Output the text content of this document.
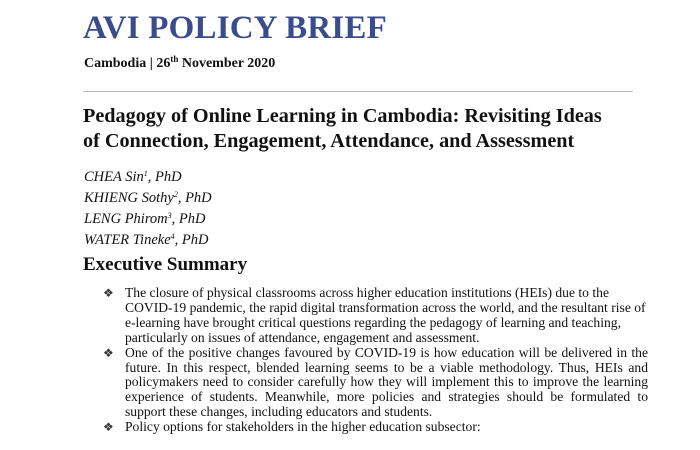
AVI POLICY BRIEF

Cambodia | 26th November 2020

Pedagogy of Online Learning in Cambodia: Revisiting Ideas
of Connection, Engagement, Attendance, and Assessment
CHEA Sin$^1$, PhD
KHIENG Sothy$^2$, PhD
LENG Phirom$^3$, PhD
WATER Tineke$^4$, PhD
Executive Summary
❖ The closure of physical classrooms across higher education institutions (HEIs) due to the COVID-19 pandemic, the rapid digital transformation across the world, and the resultant rise of e-learning have brought critical questions regarding the pedagogy of learning and teaching, particularly on issues of attendance, engagement and assessment.
❖ One of the positive changes favoured by COVID-19 is how education will be delivered in the future. In this respect, blended learning seems to be a viable methodology. Thus, HEIs and policymakers need to consider carefully how they will implement this to improve the learning experience of students. Meanwhile, more policies and strategies should be formulated to support these changes, including educators and students.
❖ Policy options for stakeholders in the higher education subsector:
